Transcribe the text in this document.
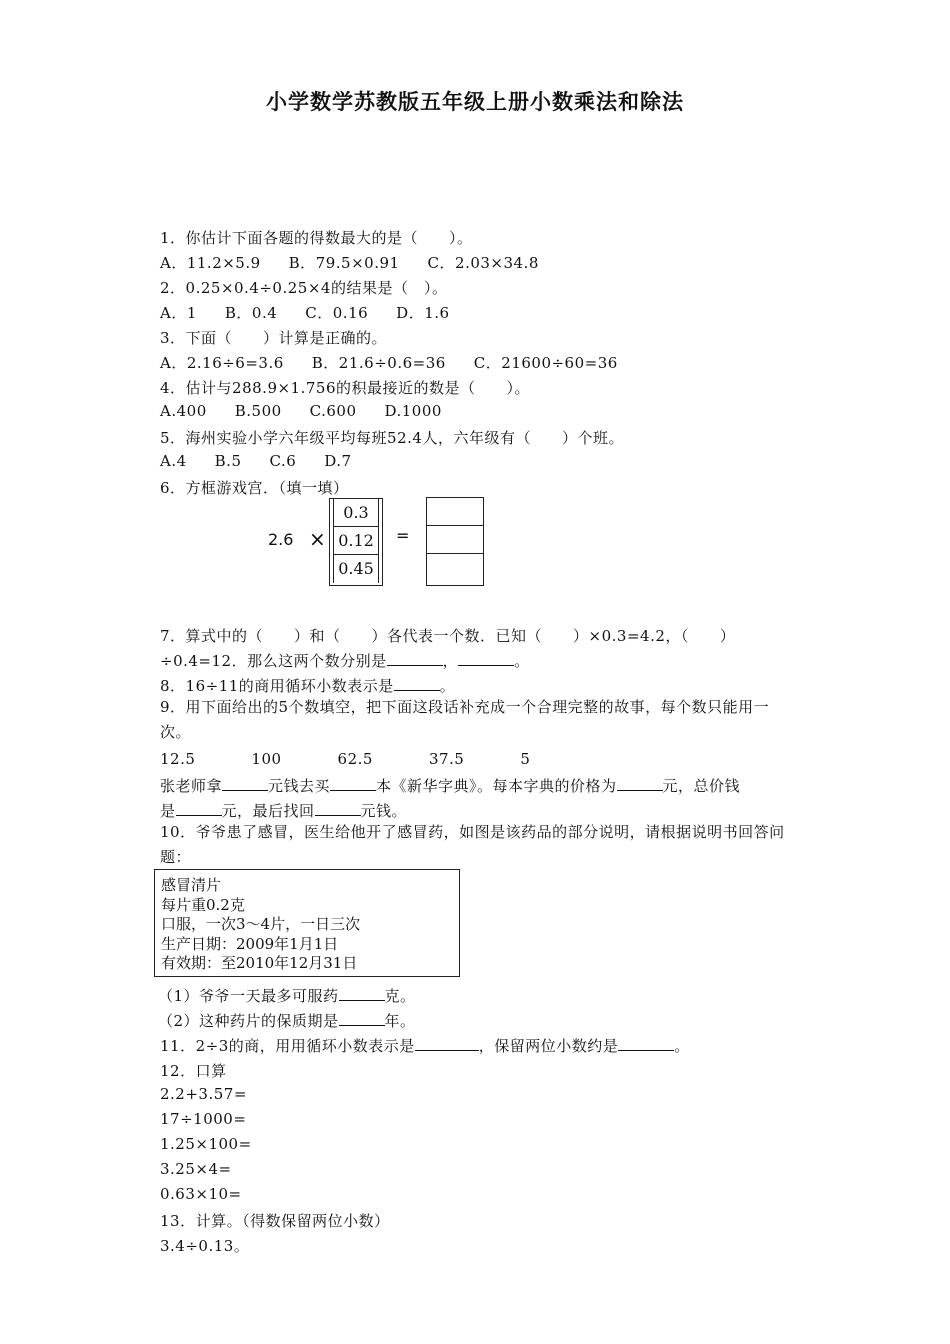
小学数学苏教版五年级上册小数乘法和除法
1．你估计下面各题的得数最大的是（　　）。
A．11.2×5.9 B．79.5×0.91 C．2.03×34.8
2．0.25×0.4÷0.25×4的结果是（　）。
A．1 B．0.4 C．0.16 D．1.6
3．下面（　　）计算是正确的。
A．2.16÷6=3.6 B．21.6÷0.6=36 C．21600÷60=36
4．估计与288.9×1.756的积最接近的数是（　　）。
A.400 B.500 C.600 D.1000
5．海州实验小学六年级平均每班52.4人，六年级有（　　）个班。
A.4 B.5 C.6 D.7
6．方框游戏宫．（填一填）
2.6 ×
0.3
0.12
0.45
=
7．算式中的（　　）和（　　）各代表一个数．已知（　　）×0.3=4.2，（　　）
÷0.4=12．那么这两个数分别是	，	。
8．16÷11的商用循环小数表示是	。
9．用下面给出的5个数填空，把下面这段话补充成一个合理完整的故事，每个数只能用一次。
12.5	100	62.5	37.5	5
张老师拿	元钱去买	本《新华字典》。每本字典的价格为	元，总价钱
是	元，最后找回	元钱。
10．爷爷患了感冒，医生给他开了感冒药，如图是该药品的部分说明，请根据说明书回答问题：
感冒清片
每片重0.2克
口服，一次3～4片，一日三次
生产日期：2009年1月1日
有效期：至2010年12月31日
（1）爷爷一天最多可服药	克。
（2）这种药片的保质期是	年。
11．2÷3的商，用用循环小数表示是	，保留两位小数约是	。
12．口算
2.2+3.57=
17÷1000=
1.25×100=
3.25×4=
0.63×10=
13．计算。（得数保留两位小数）
3.4÷0.13。
